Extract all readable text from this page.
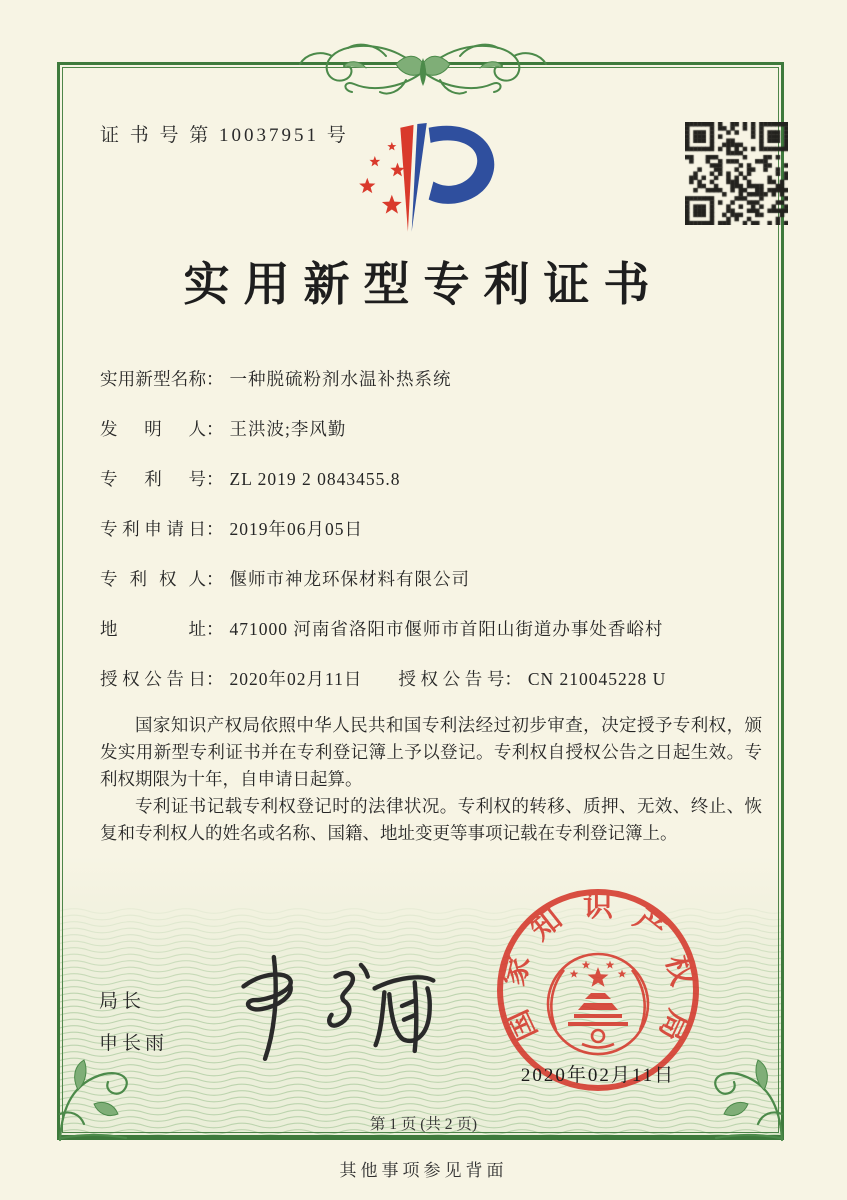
证 书 号 第 10037951 号
实用新型专利证书
实用新型名称： 一种脱硫粉剂水温补热系统
发明人： 王洪波;李风勤
专利号： ZL 2019 2 0843455.8
专利申请日： 2019年06月05日
专利权人： 偃师市神龙环保材料有限公司
地址： 471000 河南省洛阳市偃师市首阳山街道办事处香峪村
授权公告日： 2020年02月11日 授权公告号： CN 210045228 U

国家知识产权局依照中华人民共和国专利法经过初步审查，决定授予专利权，颁发实用新型专利证书并在专利登记簿上予以登记。专利权自授权公告之日起生效。专利权期限为十年，自申请日起算。

专利证书记载专利权登记时的法律状况。专利权的转移、质押、无效、终止、恢复和专利权人的姓名或名称、国籍、地址变更等事项记载在专利登记簿上。

局长
申长雨	国
家
知 识 产
权
局
2020年02月11日
第 1 页 (共 2 页)
其他事项参见背面
